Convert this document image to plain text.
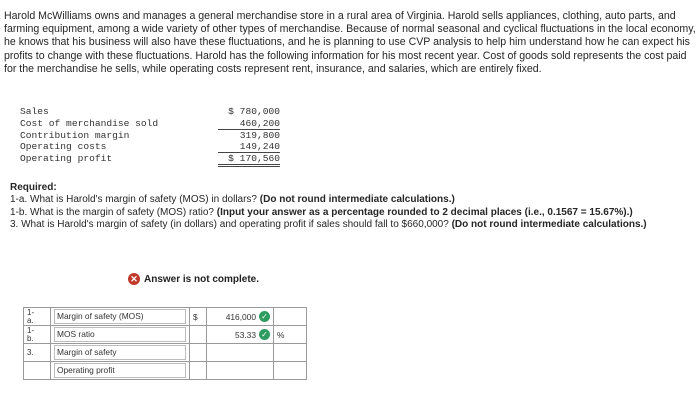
Harold McWilliams owns and manages a general merchandise store in a rural area of Virginia. Harold sells appliances, clothing, auto parts, and farming equipment, among a wide variety of other types of merchandise. Because of normal seasonal and cyclical fluctuations in the local economy, he knows that his business will also have these fluctuations, and he is planning to use CVP analysis to help him understand how he can expect his profits to change with these fluctuations. Harold has the following information for his most recent year. Cost of goods sold represents the cost paid for the merchandise he sells, while operating costs represent rent, insurance, and salaries, which are entirely fixed.

Sales	$ 780,000
Cost of merchandise sold	460,200
Contribution margin	319,800
Operating costs	149,240
Operating profit	$ 170,560

Required:

1-a. What is Harold's margin of safety (MOS) in dollars? (Do not round intermediate calculations.)

1-b. What is the margin of safety (MOS) ratio? (Input your answer as a percentage rounded to 2 decimal places (i.e., 0.1567 = 15.67%).)

3. What is Harold's margin of safety (in dollars) and operating profit if sales should fall to $660,000? (Do not round intermediate calculations.)

✕ Answer is not complete.
1-
a.	Margin of safety (MOS)	$	416,000 ✓	

1-
b.	MOS ratio		53.33 ✓	%
3.	Margin of safety			

	Operating profit			
